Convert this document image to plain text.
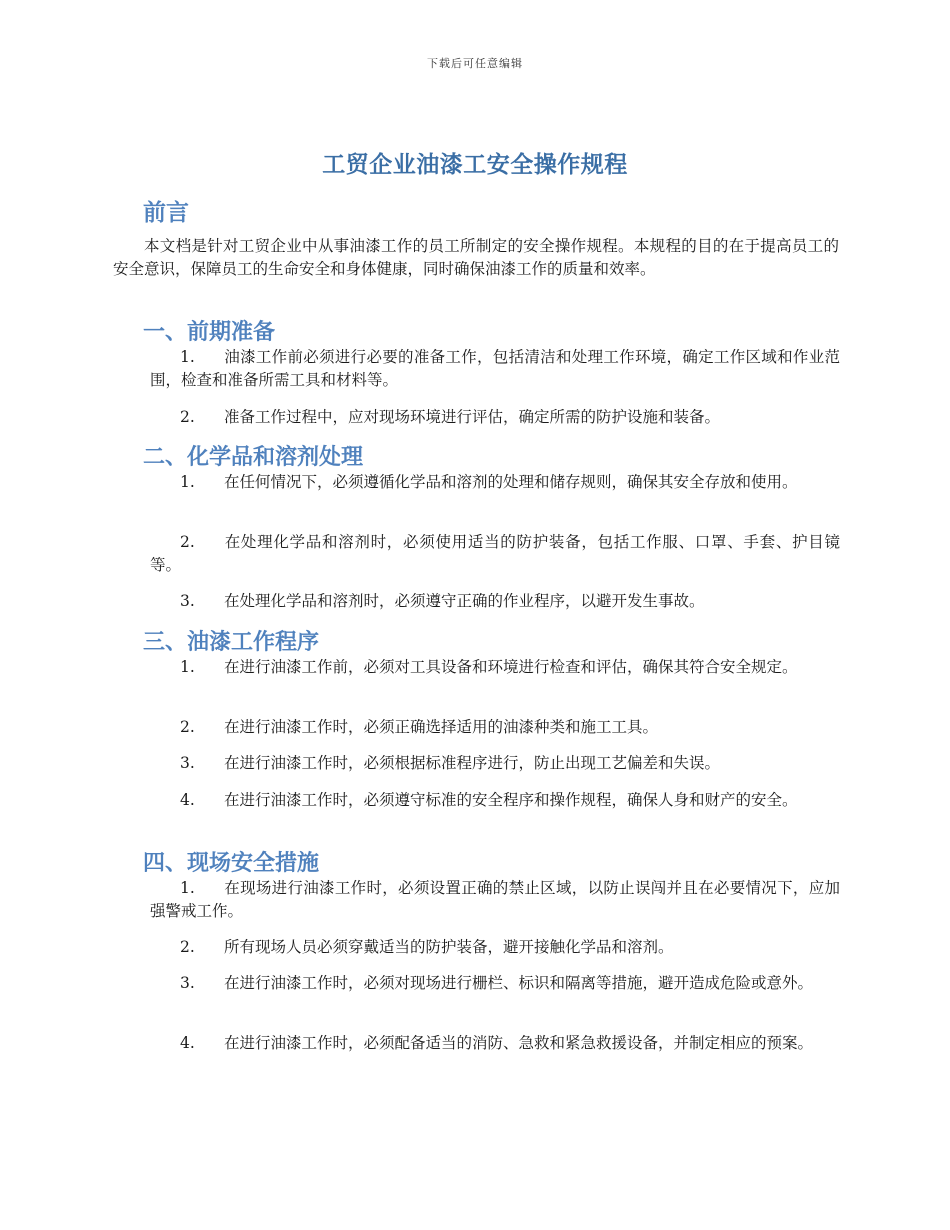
下载后可任意编辑
工贸企业油漆工安全操作规程
前言
本文档是针对工贸企业中从事油漆工作的员工所制定的安全操作规程。本规程的目的在于提高员工的安全意识，保障员工的生命安全和身体健康，同时确保油漆工作的质量和效率。
一、前期准备
1. 油漆工作前必须进行必要的准备工作，包括清洁和处理工作环境，确定工作区域和作业范围，检查和准备所需工具和材料等。
2. 准备工作过程中，应对现场环境进行评估，确定所需的防护设施和装备。
二、化学品和溶剂处理
1. 在任何情况下，必须遵循化学品和溶剂的处理和储存规则，确保其安全存放和使用。
2. 在处理化学品和溶剂时，必须使用适当的防护装备，包括工作服、口罩、手套、护目镜等。
3. 在处理化学品和溶剂时，必须遵守正确的作业程序，以避开发生事故。
三、油漆工作程序
1. 在进行油漆工作前，必须对工具设备和环境进行检查和评估，确保其符合安全规定。
2. 在进行油漆工作时，必须正确选择适用的油漆种类和施工工具。
3. 在进行油漆工作时，必须根据标准程序进行，防止出现工艺偏差和失误。
4. 在进行油漆工作时，必须遵守标准的安全程序和操作规程，确保人身和财产的安全。
四、现场安全措施
1. 在现场进行油漆工作时，必须设置正确的禁止区域，以防止误闯并且在必要情况下，应加强警戒工作。
2. 所有现场人员必须穿戴适当的防护装备，避开接触化学品和溶剂。
3. 在进行油漆工作时，必须对现场进行栅栏、标识和隔离等措施，避开造成危险或意外。
4. 在进行油漆工作时，必须配备适当的消防、急救和紧急救援设备，并制定相应的预案。
